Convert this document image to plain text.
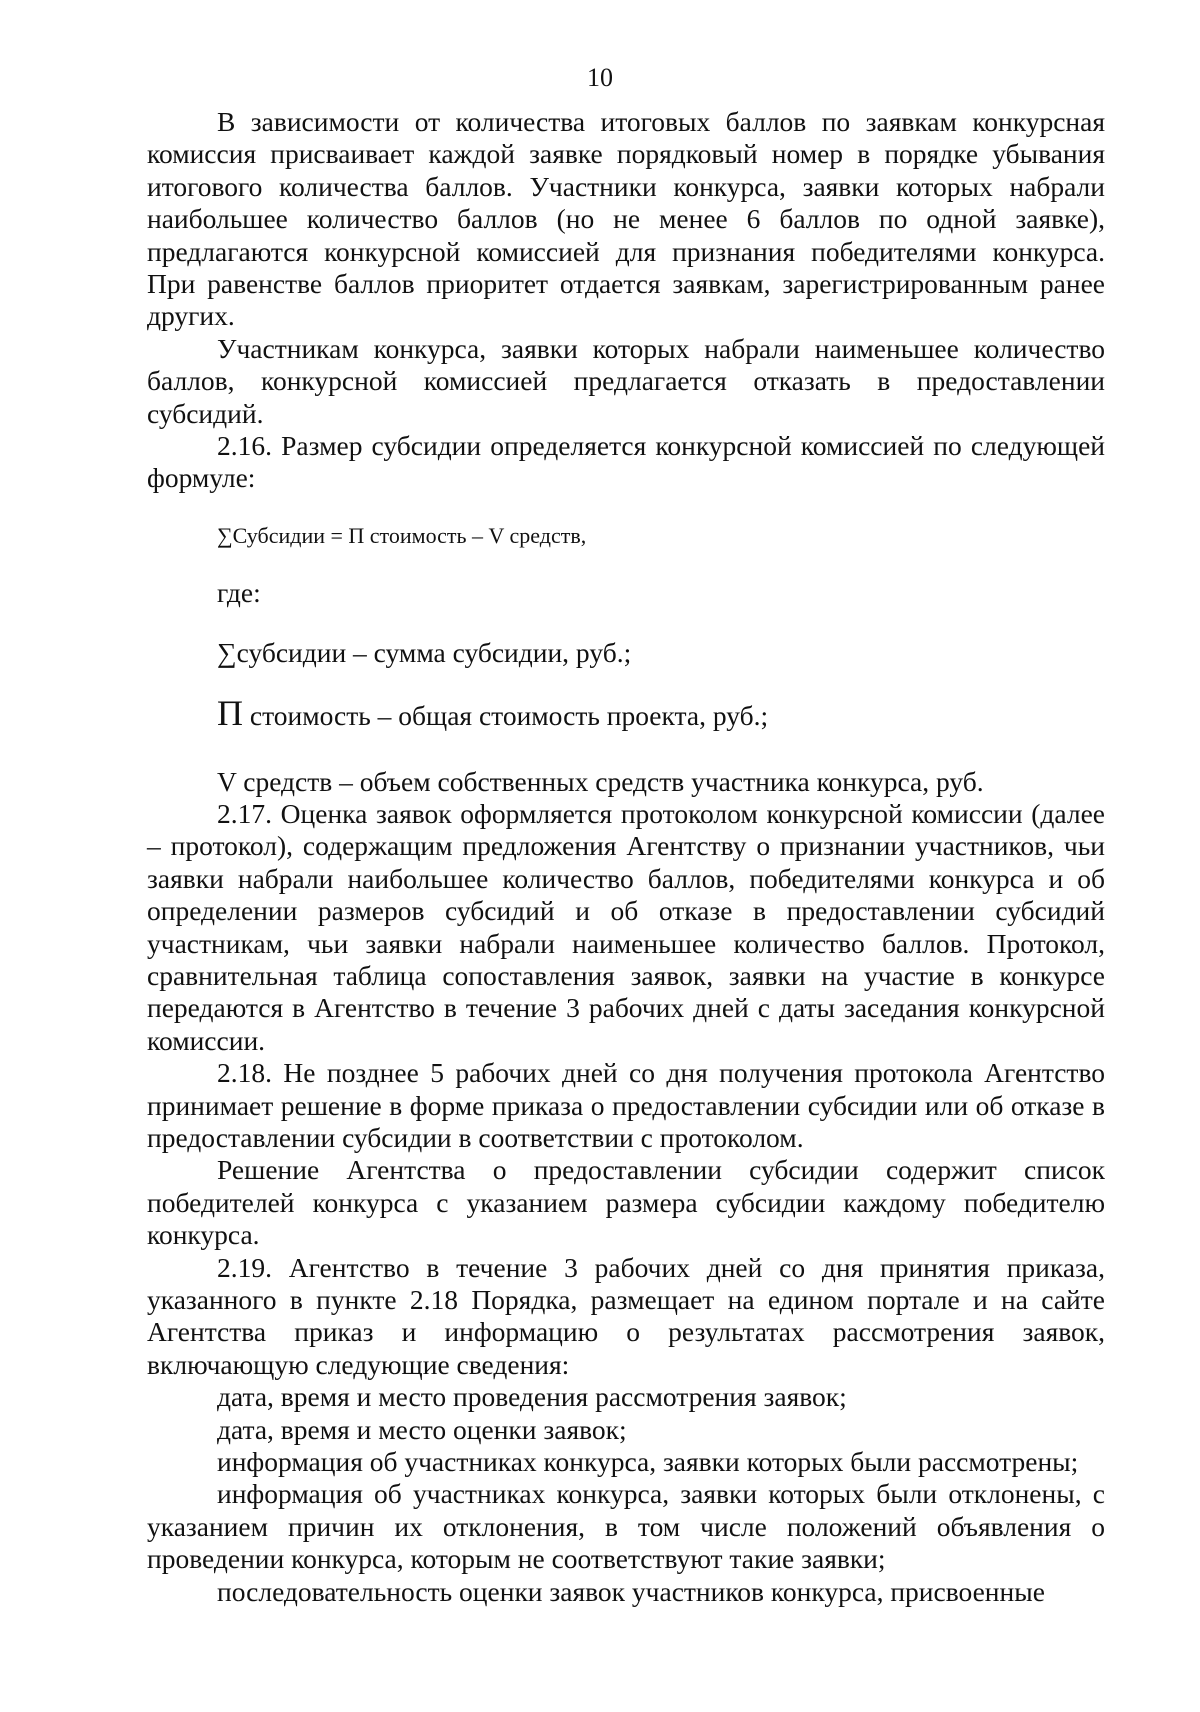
10

В зависимости от количества итоговых баллов по заявкам конкурсная комиссия присваивает каждой заявке порядковый номер в порядке убывания итогового количества баллов. Участники конкурса, заявки которых набрали наибольшее количество баллов (но не менее 6 баллов по одной заявке), предлагаются конкурсной комиссией для признания победителями конкурса. При равенстве баллов приоритет отдается заявкам, зарегистрированным ранее других.

Участникам конкурса, заявки которых набрали наименьшее количество баллов, конкурсной комиссией предлагается отказать в предоставлении субсидий.

2.16. Размер субсидии определяется конкурсной комиссией по следующей формуле:

∑Субсидии = П стоимость – V средств,

где:

∑субсидии – сумма субсидии, руб.;

П стоимость – общая стоимость проекта, руб.;

V средств – объем собственных средств участника конкурса, руб.

2.17. Оценка заявок оформляется протоколом конкурсной комиссии (далее – протокол), содержащим предложения Агентству о признании участников, чьи заявки набрали наибольшее количество баллов, победителями конкурса и об определении размеров субсидий и об отказе в предоставлении субсидий участникам, чьи заявки набрали наименьшее количество баллов. Протокол, сравнительная таблица сопоставления заявок, заявки на участие в конкурсе передаются в Агентство в течение 3 рабочих дней с даты заседания конкурсной комиссии.

2.18. Не позднее 5 рабочих дней со дня получения протокола Агентство принимает решение в форме приказа о предоставлении субсидии или об отказе в предоставлении субсидии в соответствии с протоколом.

Решение Агентства о предоставлении субсидии содержит список победителей конкурса с указанием размера субсидии каждому победителю конкурса.

2.19. Агентство в течение 3 рабочих дней со дня принятия приказа, указанного в пункте 2.18 Порядка, размещает на едином портале и на сайте Агентства приказ и информацию о результатах рассмотрения заявок, включающую следующие сведения:

дата, время и место проведения рассмотрения заявок;

дата, время и место оценки заявок;

информация об участниках конкурса, заявки которых были рассмотрены;

информация об участниках конкурса, заявки которых были отклонены, с указанием причин их отклонения, в том числе положений объявления о проведении конкурса, которым не соответствуют такие заявки;

последовательность оценки заявок участников конкурса, присвоенные
